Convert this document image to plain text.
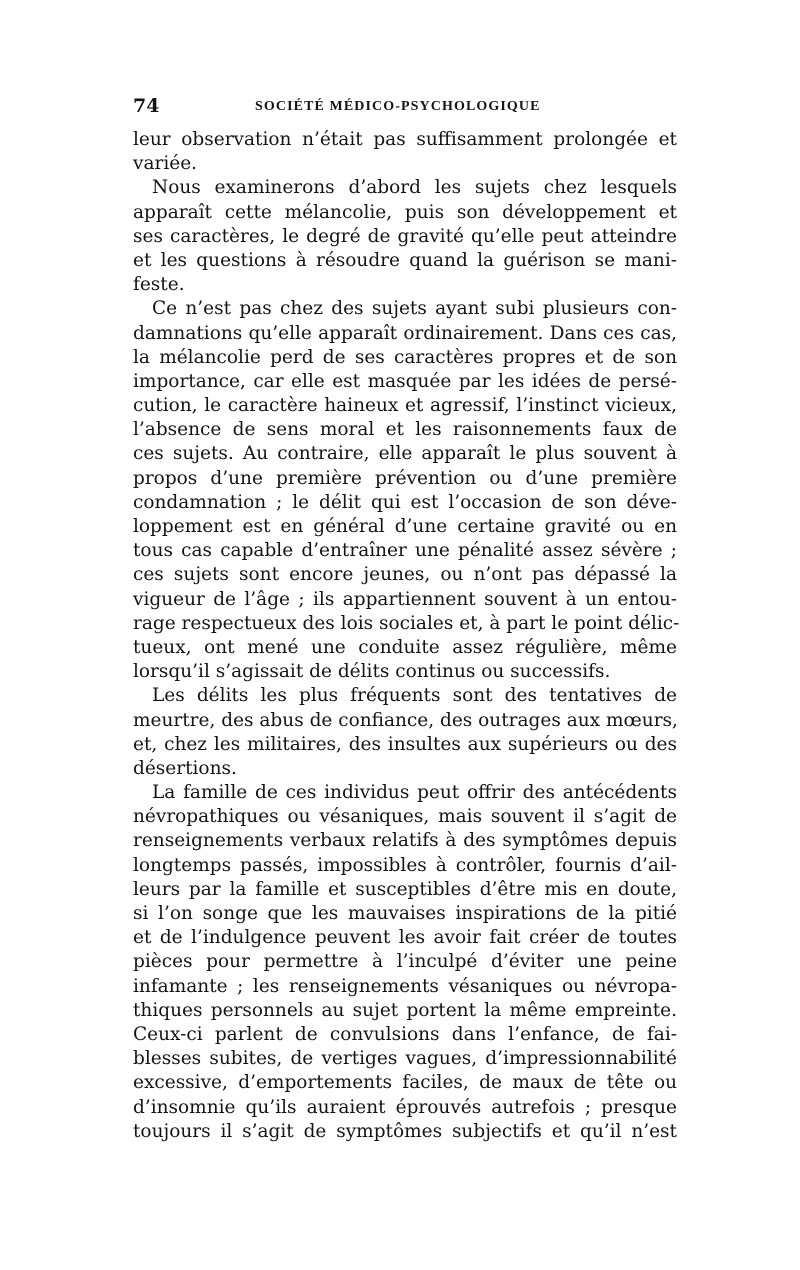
74	SOCIÉTÉ MÉDICO-PSYCHOLOGIQUE
leur observation n’était pas suffisamment prolongée et
variée.
Nous examinerons d’abord les sujets chez lesquels
apparaît cette mélancolie, puis son développement et
ses caractères, le degré de gravité qu’elle peut atteindre
et les questions à résoudre quand la guérison se mani-
feste.
Ce n’est pas chez des sujets ayant subi plusieurs con-
damnations qu’elle apparaît ordinairement. Dans ces cas,
la mélancolie perd de ses caractères propres et de son
importance, car elle est masquée par les idées de persé-
cution, le caractère haineux et agressif, l’instinct vicieux,
l’absence de sens moral et les raisonnements faux de
ces sujets. Au contraire, elle apparaît le plus souvent à
propos d’une première prévention ou d’une première
condamnation ; le délit qui est l’occasion de son déve-
loppement est en général d’une certaine gravité ou en
tous cas capable d’entraîner une pénalité assez sévère ;
ces sujets sont encore jeunes, ou n’ont pas dépassé la
vigueur de l’âge ; ils appartiennent souvent à un entou-
rage respectueux des lois sociales et, à part le point délic-
tueux, ont mené une conduite assez régulière, même
lorsqu’il s’agissait de délits continus ou successifs.
Les délits les plus fréquents sont des tentatives de
meurtre, des abus de confiance, des outrages aux mœurs,
et, chez les militaires, des insultes aux supérieurs ou des
désertions.
La famille de ces individus peut offrir des antécédents
névropathiques ou vésaniques, mais souvent il s’agit de
renseignements verbaux relatifs à des symptômes depuis
longtemps passés, impossibles à contrôler, fournis d’ail-
leurs par la famille et susceptibles d’être mis en doute,
si l’on songe que les mauvaises inspirations de la pitié
et de l’indulgence peuvent les avoir fait créer de toutes
pièces pour permettre à l’inculpé d’éviter une peine
infamante ; les renseignements vésaniques ou névropa-
thiques personnels au sujet portent la même empreinte.
Ceux-ci parlent de convulsions dans l’enfance, de fai-
blesses subites, de vertiges vagues, d’impressionnabilité
excessive, d’emportements faciles, de maux de tête ou
d’insomnie qu’ils auraient éprouvés autrefois ; presque
toujours il s’agit de symptômes subjectifs et qu’il n’est
